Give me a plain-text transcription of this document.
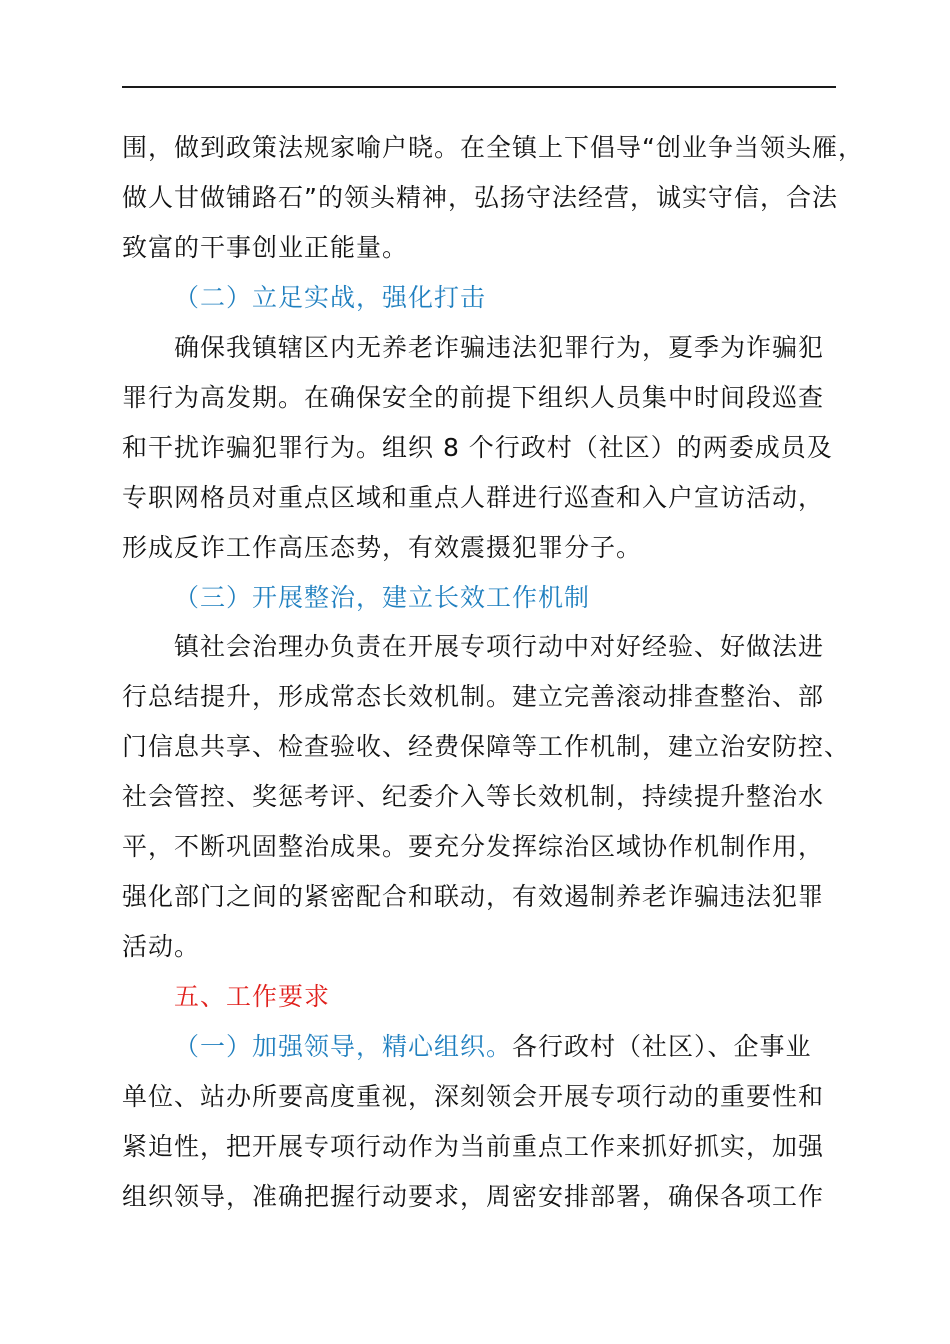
围，做到政策法规家喻户晓。在全镇上下倡导“创业争当领头雁，
做人甘做铺路石”的领头精神，弘扬守法经营，诚实守信，合法
致富的干事创业正能量。
（二）立足实战，强化打击
确保我镇辖区内无养老诈骗违法犯罪行为，夏季为诈骗犯
罪行为高发期。在确保安全的前提下组织人员集中时间段巡查
和干扰诈骗犯罪行为。组织 8 个行政村（社区）的两委成员及
专职网格员对重点区域和重点人群进行巡查和入户宣访活动，
形成反诈工作高压态势，有效震摄犯罪分子。
（三）开展整治，建立长效工作机制
镇社会治理办负责在开展专项行动中对好经验、好做法进
行总结提升，形成常态长效机制。建立完善滚动排查整治、部
门信息共享、检查验收、经费保障等工作机制，建立治安防控、
社会管控、奖惩考评、纪委介入等长效机制，持续提升整治水
平，不断巩固整治成果。要充分发挥综治区域协作机制作用，
强化部门之间的紧密配合和联动，有效遏制养老诈骗违法犯罪
活动。
五、工作要求
（一）加强领导，精心组织。各行政村（社区）、企事业
单位、站办所要高度重视，深刻领会开展专项行动的重要性和
紧迫性，把开展专项行动作为当前重点工作来抓好抓实，加强
组织领导，准确把握行动要求，周密安排部署，确保各项工作
